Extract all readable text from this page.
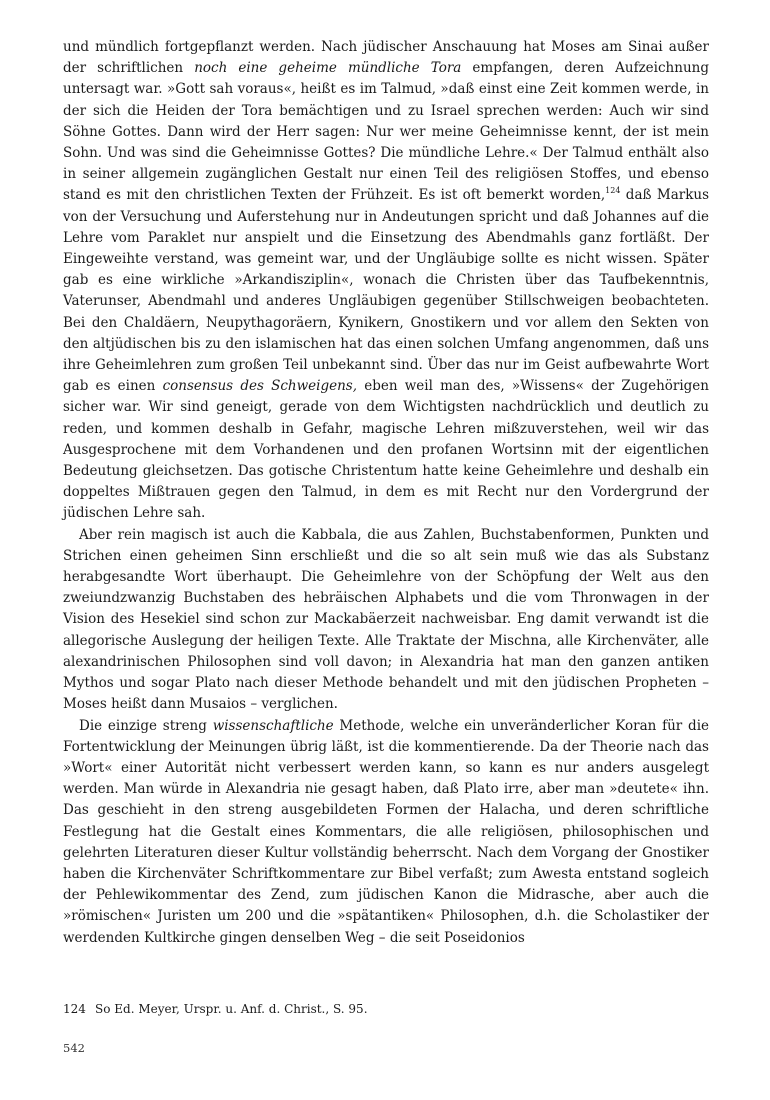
und mündlich fortgepflanzt werden. Nach jüdischer Anschauung hat Moses am Sinai außer der schriftlichen noch eine geheime mündliche Tora empfangen, deren Aufzeichnung untersagt war. »Gott sah voraus«, heißt es im Talmud, »daß einst eine Zeit kommen werde, in der sich die Heiden der Tora bemächtigen und zu Israel sprechen werden: Auch wir sind Söhne Gottes. Dann wird der Herr sagen: Nur wer meine Geheimnisse kennt, der ist mein Sohn. Und was sind die Geheimnisse Gottes? Die mündliche Lehre.« Der Talmud enthält also in seiner allgemein zugänglichen Gestalt nur einen Teil des religiösen Stoffes, und ebenso stand es mit den christlichen Texten der Frühzeit. Es ist oft bemerkt worden,$^{124}$ daß Markus von der Versuchung und Auferstehung nur in Andeutungen spricht und daß Johannes auf die Lehre vom Paraklet nur anspielt und die Einsetzung des Abendmahls ganz fortläßt. Der Eingeweihte verstand, was gemeint war, und der Ungläubige sollte es nicht wissen. Später gab es eine wirkliche »Arkandisziplin«, wonach die Christen über das Taufbekenntnis, Vaterunser, Abendmahl und anderes Ungläubigen gegenüber Stillschweigen beobachteten. Bei den Chaldäern, Neupythagoräern, Kynikern, Gnostikern und vor allem den Sekten von den altjüdischen bis zu den islamischen hat das einen solchen Umfang angenommen, daß uns ihre Geheimlehren zum großen Teil unbekannt sind. Über das nur im Geist aufbewahrte Wort gab es einen consensus des Schweigens, eben weil man des, »Wissens« der Zugehörigen sicher war. Wir sind geneigt, gerade von dem Wichtigsten nachdrücklich und deutlich zu reden, und kommen deshalb in Gefahr, magische Lehren mißzuverstehen, weil wir das Ausgesprochene mit dem Vorhandenen und den profanen Wortsinn mit der eigentlichen Bedeutung gleichsetzen. Das gotische Christentum hatte keine Geheimlehre und deshalb ein doppeltes Mißtrauen gegen den Talmud, in dem es mit Recht nur den Vordergrund der jüdischen Lehre sah.

Aber rein magisch ist auch die Kabbala, die aus Zahlen, Buchstabenformen, Punkten und Strichen einen geheimen Sinn erschließt und die so alt sein muß wie das als Substanz herabgesandte Wort überhaupt. Die Geheimlehre von der Schöpfung der Welt aus den zweiundzwanzig Buchstaben des hebräischen Alphabets und die vom Thronwagen in der Vision des Hesekiel sind schon zur Mackabäerzeit nachweisbar. Eng damit verwandt ist die allegorische Auslegung der heiligen Texte. Alle Traktate der Mischna, alle Kirchenväter, alle alexandrinischen Philosophen sind voll davon; in Alexandria hat man den ganzen antiken Mythos und sogar Plato nach dieser Methode behandelt und mit den jüdischen Propheten – Moses heißt dann Musaios – verglichen.

Die einzige streng wissenschaftliche Methode, welche ein unveränderlicher Koran für die Fortentwicklung der Meinungen übrig läßt, ist die kommentierende. Da der Theorie nach das »Wort« einer Autorität nicht verbessert werden kann, so kann es nur anders ausgelegt werden. Man würde in Alexandria nie gesagt haben, daß Plato irre, aber man »deutete« ihn. Das geschieht in den streng ausgebildeten Formen der Halacha, und deren schriftliche Festlegung hat die Gestalt eines Kommentars, die alle religiösen, philosophischen und gelehrten Literaturen dieser Kultur vollständig beherrscht. Nach dem Vorgang der Gnostiker haben die Kirchenväter Schriftkommentare zur Bibel verfaßt; zum Awesta entstand sogleich der Pehlewikommentar des Zend, zum jüdischen Kanon die Midrasche, aber auch die »römischen« Juristen um 200 und die »spätantiken« Philosophen, d.h. die Scholastiker der werdenden Kultkirche gingen denselben Weg – die seit Poseidonios

124 So Ed. Meyer, Urspr. u. Anf. d. Christ., S. 95.
542
